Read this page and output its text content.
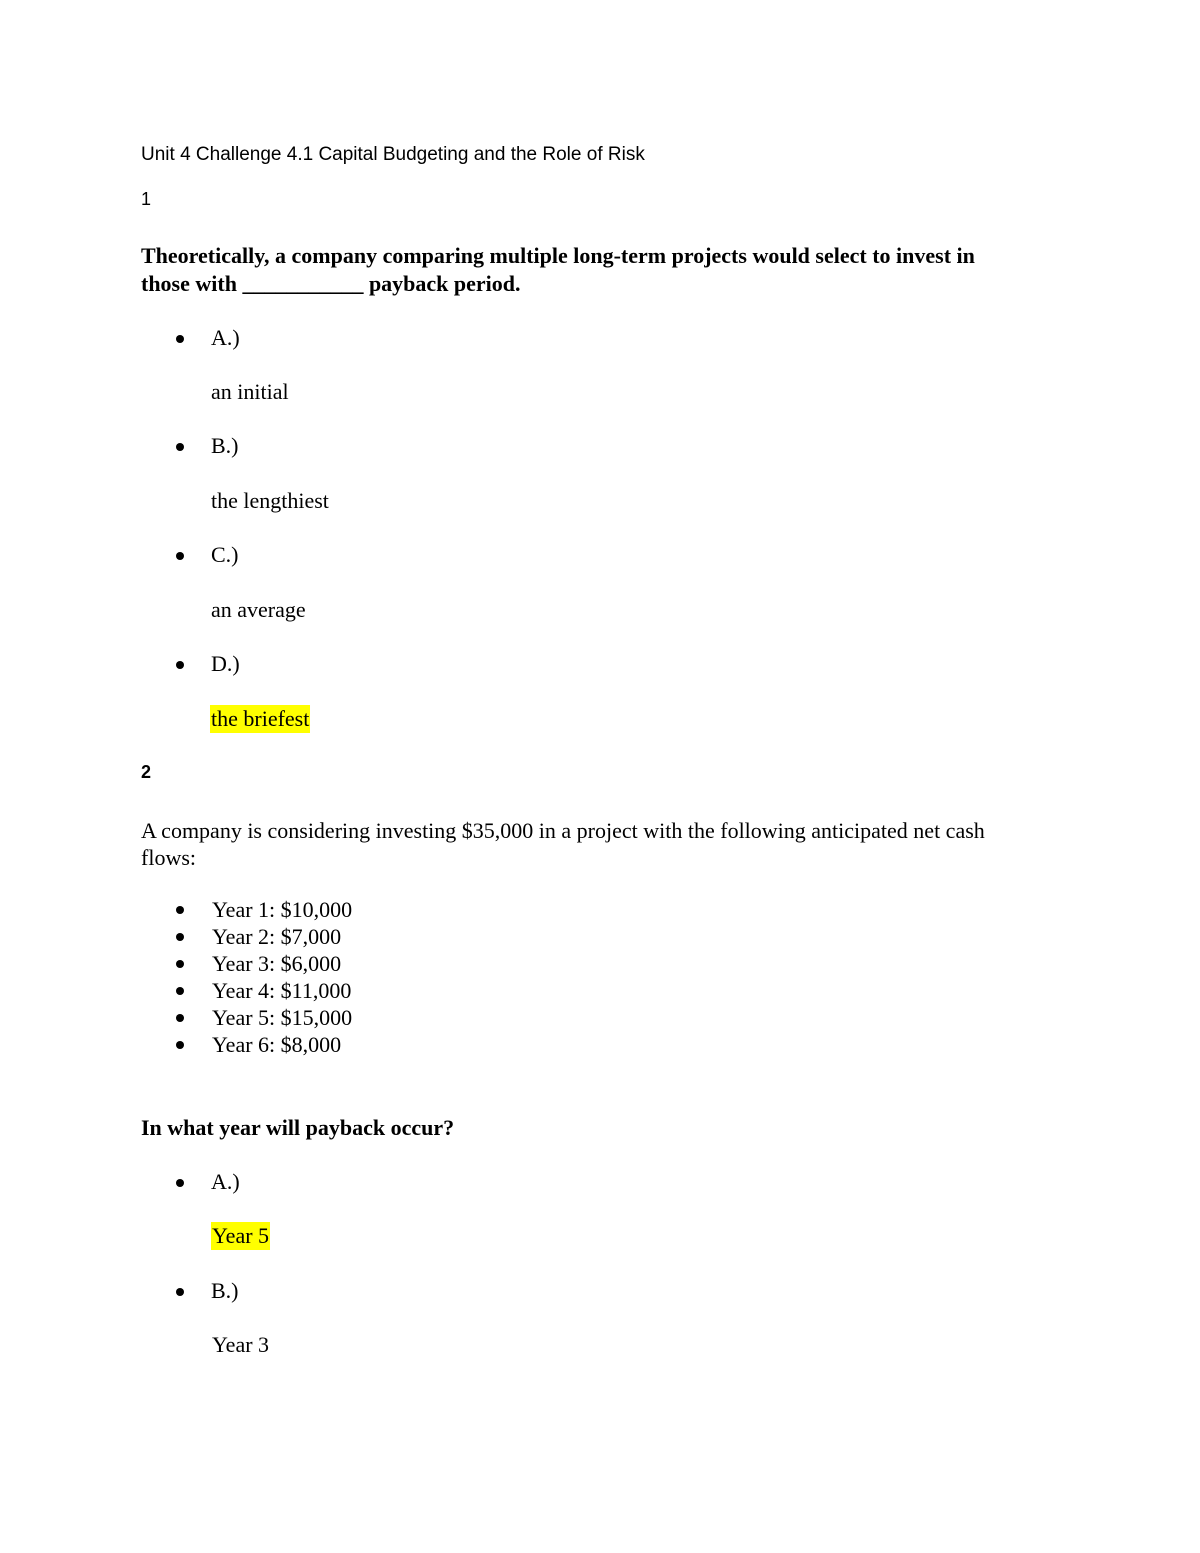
Unit 4 Challenge 4.1 Capital Budgeting and the Role of Risk
1
Theoretically, a company comparing multiple long-term projects would select to invest in
those with ___________ payback period.
A.)
an initial
B.)
the lengthiest
C.)
an average
D.)
the briefest
2
A company is considering investing $35,000 in a project with the following anticipated net cash
flows:
Year 1: $10,000
Year 2: $7,000
Year 3: $6,000
Year 4: $11,000
Year 5: $15,000
Year 6: $8,000
In what year will payback occur?
A.)
Year 5
B.)
Year 3
